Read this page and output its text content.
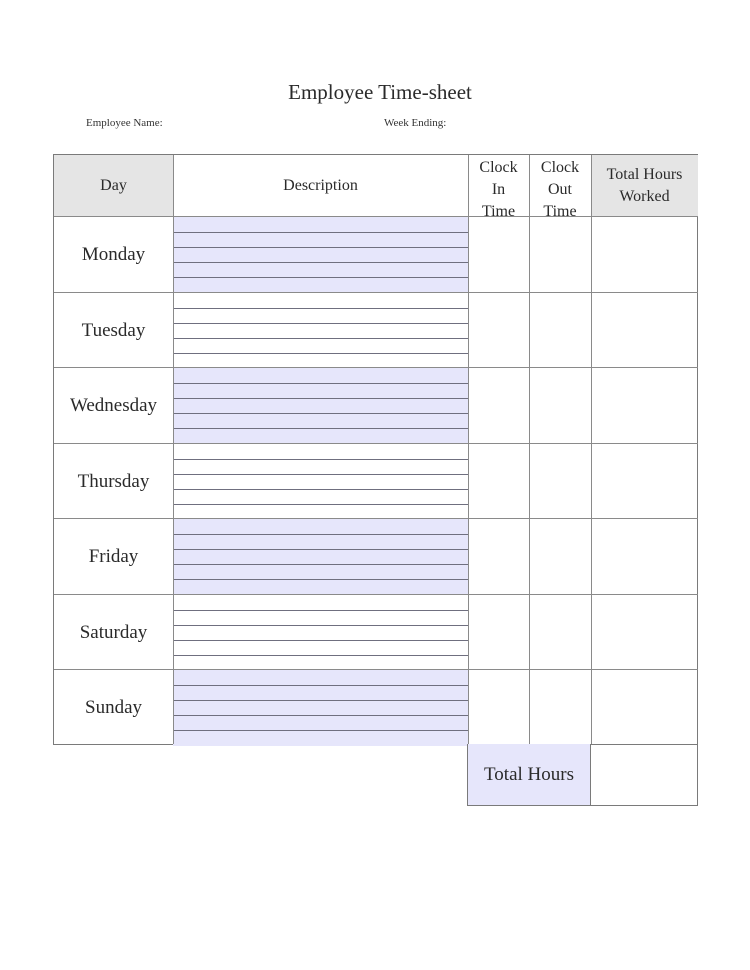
Employee Time-sheet
Employee Name:	Week Ending:
Day	Description
Clock
In
Time
Clock
Out
Time
Total Hours
Worked
Monday
Tuesday
Wednesday
Thursday
Friday
Saturday
Sunday
Total Hours
